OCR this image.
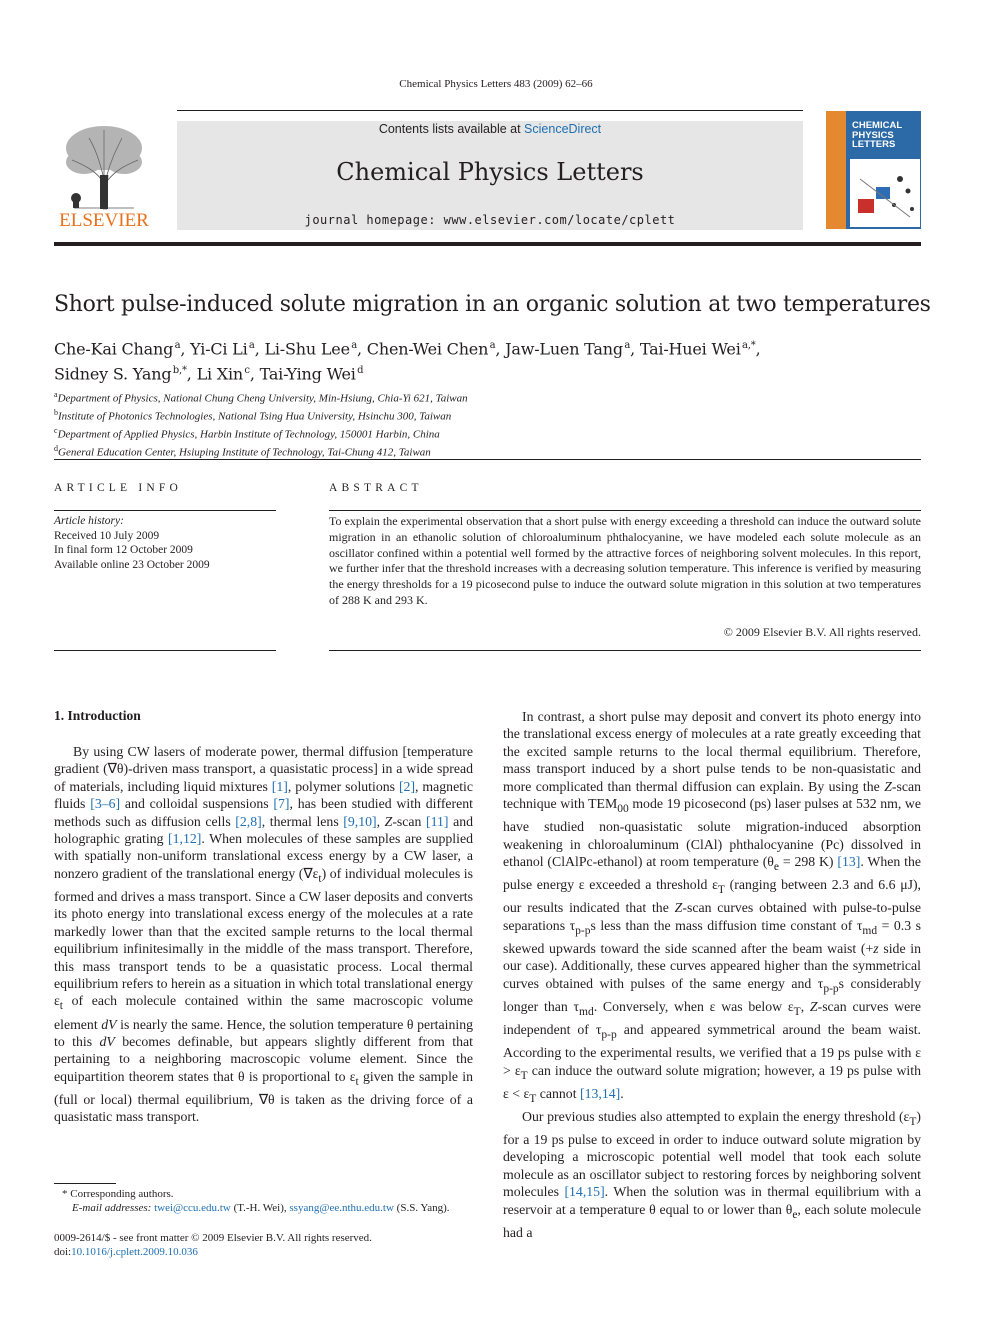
Chemical Physics Letters 483 (2009) 62–66
ELSEVIER
Contents lists available at ScienceDirect
Chemical Physics Letters
journal homepage: www.elsevier.com/locate/cplett
CHEMICAL
PHYSICS
LETTERS
Short pulse-induced solute migration in an organic solution at two temperatures
Che-Kai Chang $^a$, Yi-Ci Li $^a$, Li-Shu Lee $^a$, Chen-Wei Chen $^a$, Jaw-Luen Tang $^a$, Tai-Huei Wei $^{a,*}$,
Sidney S. Yang $^{b,*}$, Li Xin $^c$, Tai-Ying Wei $^d$
$^a$Department of Physics, National Chung Cheng University, Min-Hsiung, Chia-Yi 621, Taiwan
$^b$Institute of Photonics Technologies, National Tsing Hua University, Hsinchu 300, Taiwan
$^c$Department of Applied Physics, Harbin Institute of Technology, 150001 Harbin, China
$^d$General Education Center, Hsiuping Institute of Technology, Tai-Chung 412, Taiwan
ARTICLE INFO
Article history:
Received 10 July 2009
In final form 12 October 2009
Available online 23 October 2009
ABSTRACT
To explain the experimental observation that a short pulse with energy exceeding a threshold can induce the outward solute migration in an ethanolic solution of chloroaluminum phthalocyanine, we have modeled each solute molecule as an oscillator confined within a potential well formed by the attractive forces of neighboring solvent molecules. In this report, we further infer that the threshold increases with a decreasing solution temperature. This inference is verified by measuring the energy thresholds for a 19 picosecond pulse to induce the outward solute migration in this solution at two temperatures of 288 K and 293 K.
© 2009 Elsevier B.V. All rights reserved.
1. Introduction

By using CW lasers of moderate power, thermal diffusion [temperature gradient (∇θ)-driven mass transport, a quasistatic process] in a wide spread of materials, including liquid mixtures [1], polymer solutions [2], magnetic fluids [3–6] and colloidal suspensions [7], has been studied with different methods such as diffusion cells [2,8], thermal lens [9,10], Z-scan [11] and holographic grating [1,12]. When molecules of these samples are supplied with spatially non-uniform translational excess energy by a CW laser, a nonzero gradient of the translational energy $(\nabla\varepsilon_t)$ of individual molecules is formed and drives a mass transport. Since a CW laser deposits and converts its photo energy into translational excess energy of the molecules at a rate markedly lower than that the excited sample returns to the local thermal equilibrium infinitesimally in the middle of the mass transport. Therefore, this mass transport tends to be a quasistatic process. Local thermal equilibrium refers to herein as a situation in which total translational energy $\varepsilon_t$ of each molecule contained within the same macroscopic volume element dV is nearly the same. Hence, the solution temperature θ pertaining to this dV becomes definable, but appears slightly different from that pertaining to a neighboring macroscopic volume element. Since the equipartition theorem states that θ is proportional to $\varepsilon_t$ given the sample in (full or local) thermal equilibrium, ∇θ is taken as the driving force of a quasistatic mass transport.

* Corresponding authors.
E-mail addresses: twei@ccu.edu.tw (T.-H. Wei), ssyang@ee.nthu.edu.tw (S.S. Yang).
0009-2614/$ - see front matter © 2009 Elsevier B.V. All rights reserved.
doi:10.1016/j.cplett.2009.10.036

In contrast, a short pulse may deposit and convert its photo energy into the translational excess energy of molecules at a rate greatly exceeding that the excited sample returns to the local thermal equilibrium. Therefore, mass transport induced by a short pulse tends to be non-quasistatic and more complicated than thermal diffusion can explain. By using the Z-scan technique with $TEM_{00}$ mode 19 picosecond (ps) laser pulses at 532 nm, we have studied non-quasistatic solute migration-induced absorption weakening in chloroaluminum (ClAl) phthalocyanine (Pc) dissolved in ethanol (ClAlPc-ethanol) at room temperature ($\theta_e = 298$ K) [13]. When the pulse energy ε exceeded a threshold $\varepsilon_T$ (ranging between 2.3 and 6.6 μJ), our results indicated that the Z-scan curves obtained with pulse-to-pulse separations $\tau_{p-p}s$ less than the mass diffusion time constant of $\tau_{md} = 0.3$ s skewed upwards toward the side scanned after the beam waist (+z side in our case). Additionally, these curves appeared higher than the symmetrical curves obtained with pulses of the same energy and $\tau_{p-p}s$ considerably longer than $\tau_{md}$. Conversely, when ε was below $\varepsilon_T$, Z-scan curves were independent of $\tau_{p-p}$ and appeared symmetrical around the beam waist. According to the experimental results, we verified that a 19 ps pulse with $\varepsilon > \varepsilon_T$ can induce the outward solute migration; however, a 19 ps pulse with $\varepsilon < \varepsilon_T$ cannot [13,14].

Our previous studies also attempted to explain the energy threshold $(\varepsilon_T)$ for a 19 ps pulse to exceed in order to induce outward solute migration by developing a microscopic potential well model that took each solute molecule as an oscillator subject to restoring forces by neighboring solvent molecules [14,15]. When the solution was in thermal equilibrium with a reservoir at a temperature θ equal to or lower than $\theta_e$, each solute molecule had a
